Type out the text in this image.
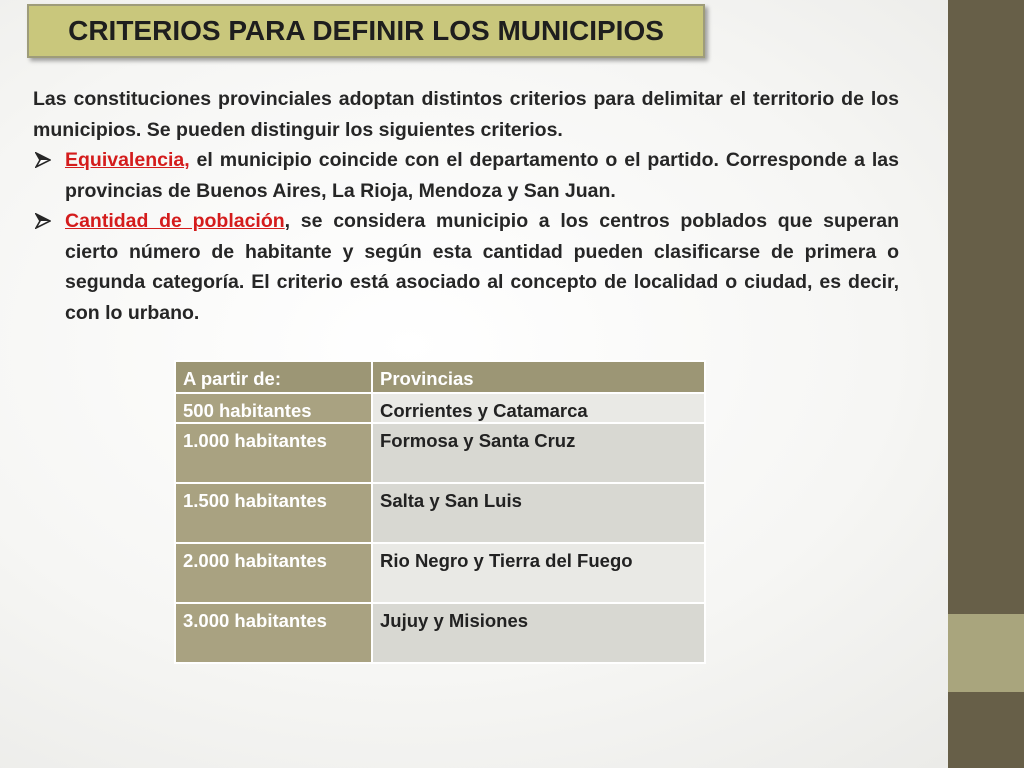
CRITERIOS PARA DEFINIR LOS MUNICIPIOS

Las constituciones provinciales adoptan distintos criterios para delimitar el territorio de los municipios. Se pueden distinguir los siguientes criterios.

Equivalencia, el municipio coincide con el departamento o el partido. Corresponde a las provincias de Buenos Aires, La Rioja, Mendoza y San Juan.
Cantidad de población, se considera municipio a los centros poblados que superan cierto número de habitante y según esta cantidad pueden clasificarse de primera o segunda categoría. El criterio está asociado al concepto de localidad o ciudad, es decir, con lo urbano.
A partir de:	Provincias
500 habitantes	Corrientes y Catamarca
1.000 habitantes	Formosa y Santa Cruz
1.500 habitantes	Salta y San Luis
2.000 habitantes	Rio Negro y Tierra del Fuego
3.000 habitantes	Jujuy y Misiones
